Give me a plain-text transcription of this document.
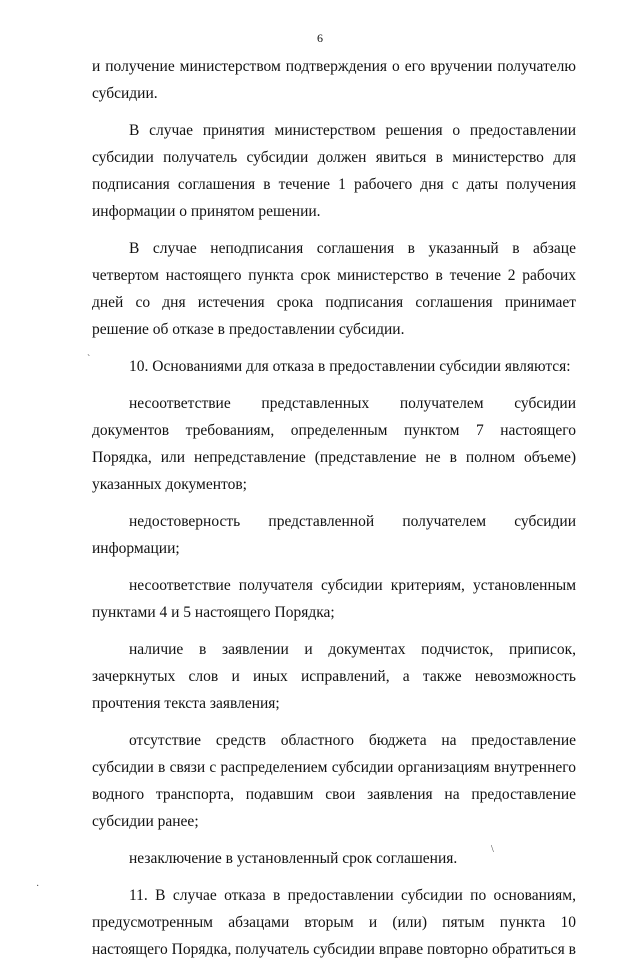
6

и получение министерством подтверждения о его вручении получателю субсидии.

В случае принятия министерством решения о предоставлении субсидии получатель субсидии должен явиться в министерство для подписания соглашения в течение 1 рабочего дня с даты получения информации о принятом решении.

В случае неподписания соглашения в указанный в абзаце четвертом настоящего пункта срок министерство в течение 2 рабочих дней со дня истечения срока подписания соглашения принимает решение об отказе в предоставлении субсидии.

10. Основаниями для отказа в предоставлении субсидии являются:

несоответствие представленных получателем субсидии документов требованиям, определенным пунктом 7 настоящего Порядка, или непредставление (представление не в полном объеме) указанных документов;

недостоверность представленной получателем субсидии информации;

несоответствие получателя субсидии критериям, установленным пунктами 4 и 5 настоящего Порядка;

наличие в заявлении и документах подчисток, приписок, зачеркнутых слов и иных исправлений, а также невозможность прочтения текста заявления;

отсутствие средств областного бюджета на предоставление субсидии в связи с распределением субсидии организациям внутреннего водного транспорта, подавшим свои заявления на предоставление субсидии ранее;

незаключение в установленный срок соглашения.

11. В случае отказа в предоставлении субсидии по основаниям, предусмотренным абзацами вторым и (или) пятым пункта 10 настоящего Порядка, получатель субсидии вправе повторно обратиться в

`
\
·
